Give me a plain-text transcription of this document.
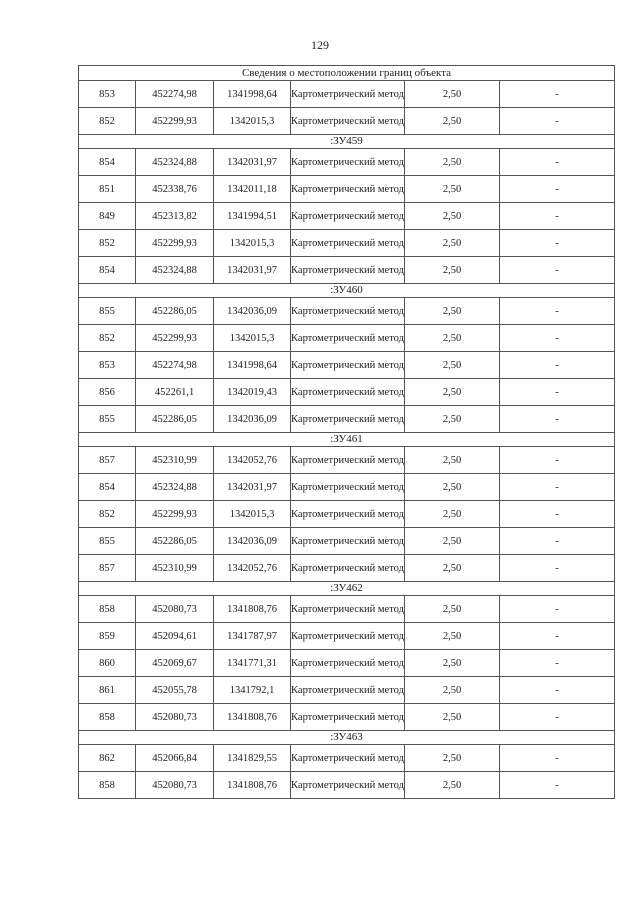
129
Сведения о местоположении границ объекта					
853	452274,98	1341998,64	Картометрический метод	2,50	-
852	452299,93	1342015,3	Картометрический метод	2,50	-
:ЗУ459					
854	452324,88	1342031,97	Картометрический метод	2,50	-
851	452338,76	1342011,18	Картометрический метод	2,50	-
849	452313,82	1341994,51	Картометрический метод	2,50	-
852	452299,93	1342015,3	Картометрический метод	2,50	-
854	452324,88	1342031,97	Картометрический метод	2,50	-
:ЗУ460					
855	452286,05	1342036,09	Картометрический метод	2,50	-
852	452299,93	1342015,3	Картометрический метод	2,50	-
853	452274,98	1341998,64	Картометрический метод	2,50	-
856	452261,1	1342019,43	Картометрический метод	2,50	-
855	452286,05	1342036,09	Картометрический метод	2,50	-
:ЗУ461					
857	452310,99	1342052,76	Картометрический метод	2,50	-
854	452324,88	1342031,97	Картометрический метод	2,50	-
852	452299,93	1342015,3	Картометрический метод	2,50	-
855	452286,05	1342036,09	Картометрический метод	2,50	-
857	452310,99	1342052,76	Картометрический метод	2,50	-
:ЗУ462					
858	452080,73	1341808,76	Картометрический метод	2,50	-
859	452094,61	1341787,97	Картометрический метод	2,50	-
860	452069,67	1341771,31	Картометрический метод	2,50	-
861	452055,78	1341792,1	Картометрический метод	2,50	-
858	452080,73	1341808,76	Картометрический метод	2,50	-
:ЗУ463					
862	452066,84	1341829,55	Картометрический метод	2,50	-
858	452080,73	1341808,76	Картометрический метод	2,50	-
